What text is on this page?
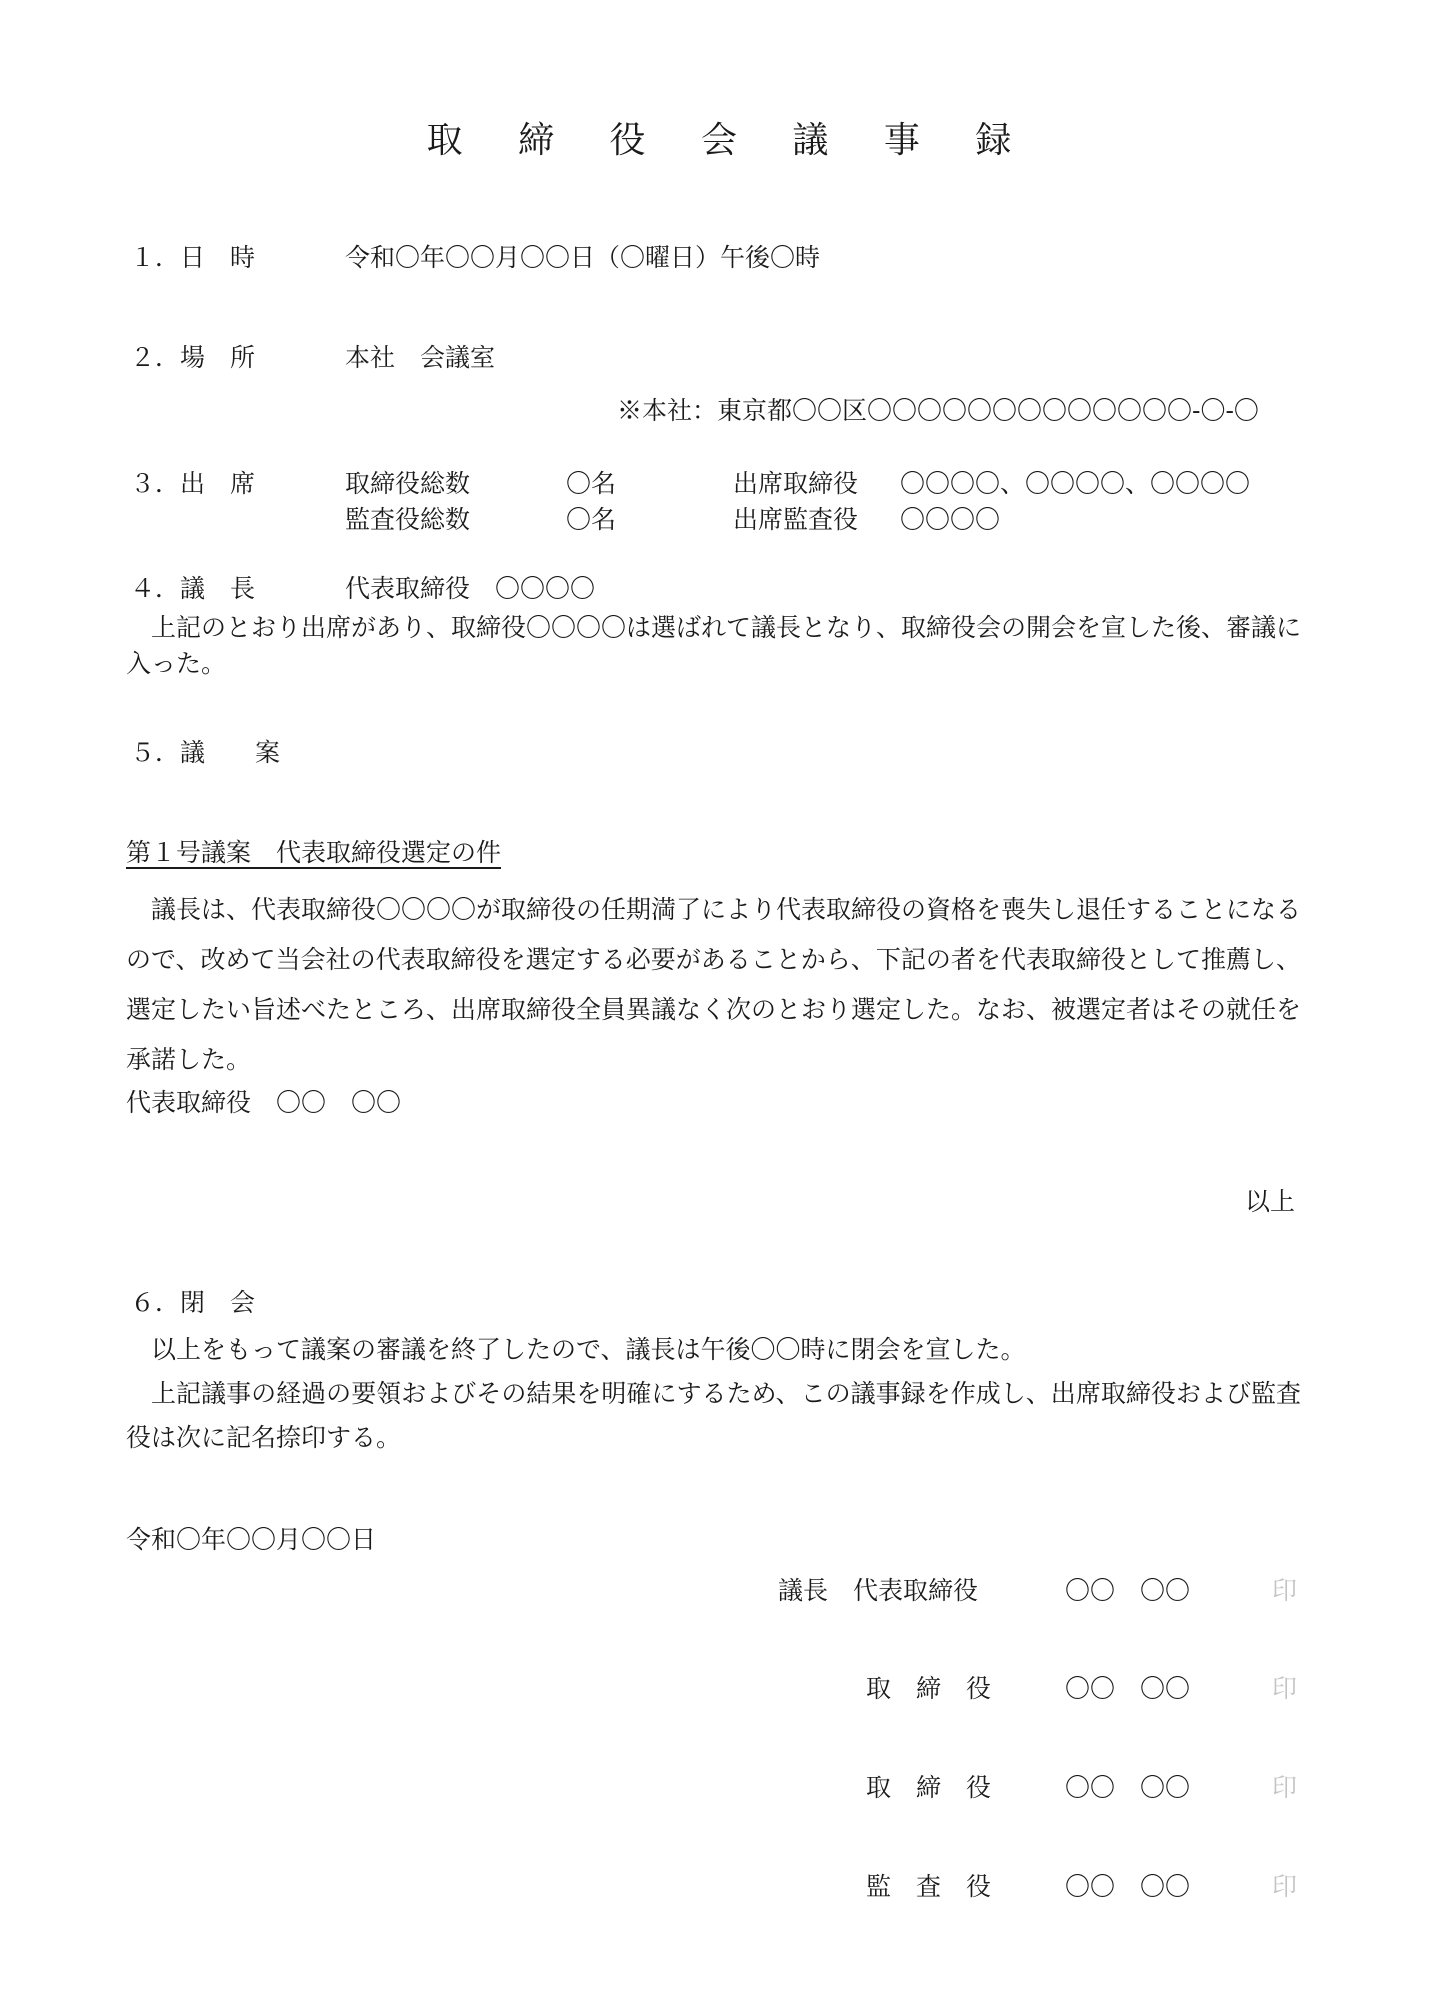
取 締 役 会 議 事 録
１．日　時	令和〇年〇〇月〇〇日（〇曜日）午後〇時
２．場　所	本社　会議室
※本社：東京都〇〇区〇〇〇〇〇〇〇〇〇〇〇〇〇-〇-〇
３．出　席	取締役総数	〇名	出席取締役 〇〇〇〇、〇〇〇〇、〇〇〇〇
監査役総数	〇名	出席監査役 〇〇〇〇
４．議　長	代表取締役　〇〇〇〇
　上記のとおり出席があり、取締役〇〇〇〇は選ばれて議長となり、取締役会の開会を宣した後、審議に入った。
５．議　　案
第１号議案　代表取締役選定の件
　議長は、代表取締役〇〇〇〇が取締役の任期満了により代表取締役の資格を喪失し退任することになるので、改めて当会社の代表取締役を選定する必要があることから、下記の者を代表取締役として推薦し、選定したい旨述べたところ、出席取締役全員異議なく次のとおり選定した。なお、被選定者はその就任を承諾した。
代表取締役　〇〇　〇〇
以上
６．閉　会
　以上をもって議案の審議を終了したので、議長は午後〇〇時に閉会を宣した。
　上記議事の経過の要領およびその結果を明確にするため、この議事録を作成し、出席取締役および監査役は次に記名捺印する。
令和〇年〇〇月〇〇日
議長　代表取締役	〇〇　〇〇	印
取　締　役	〇〇　〇〇	印
取　締　役	〇〇　〇〇	印
監　査　役	〇〇　〇〇	印
